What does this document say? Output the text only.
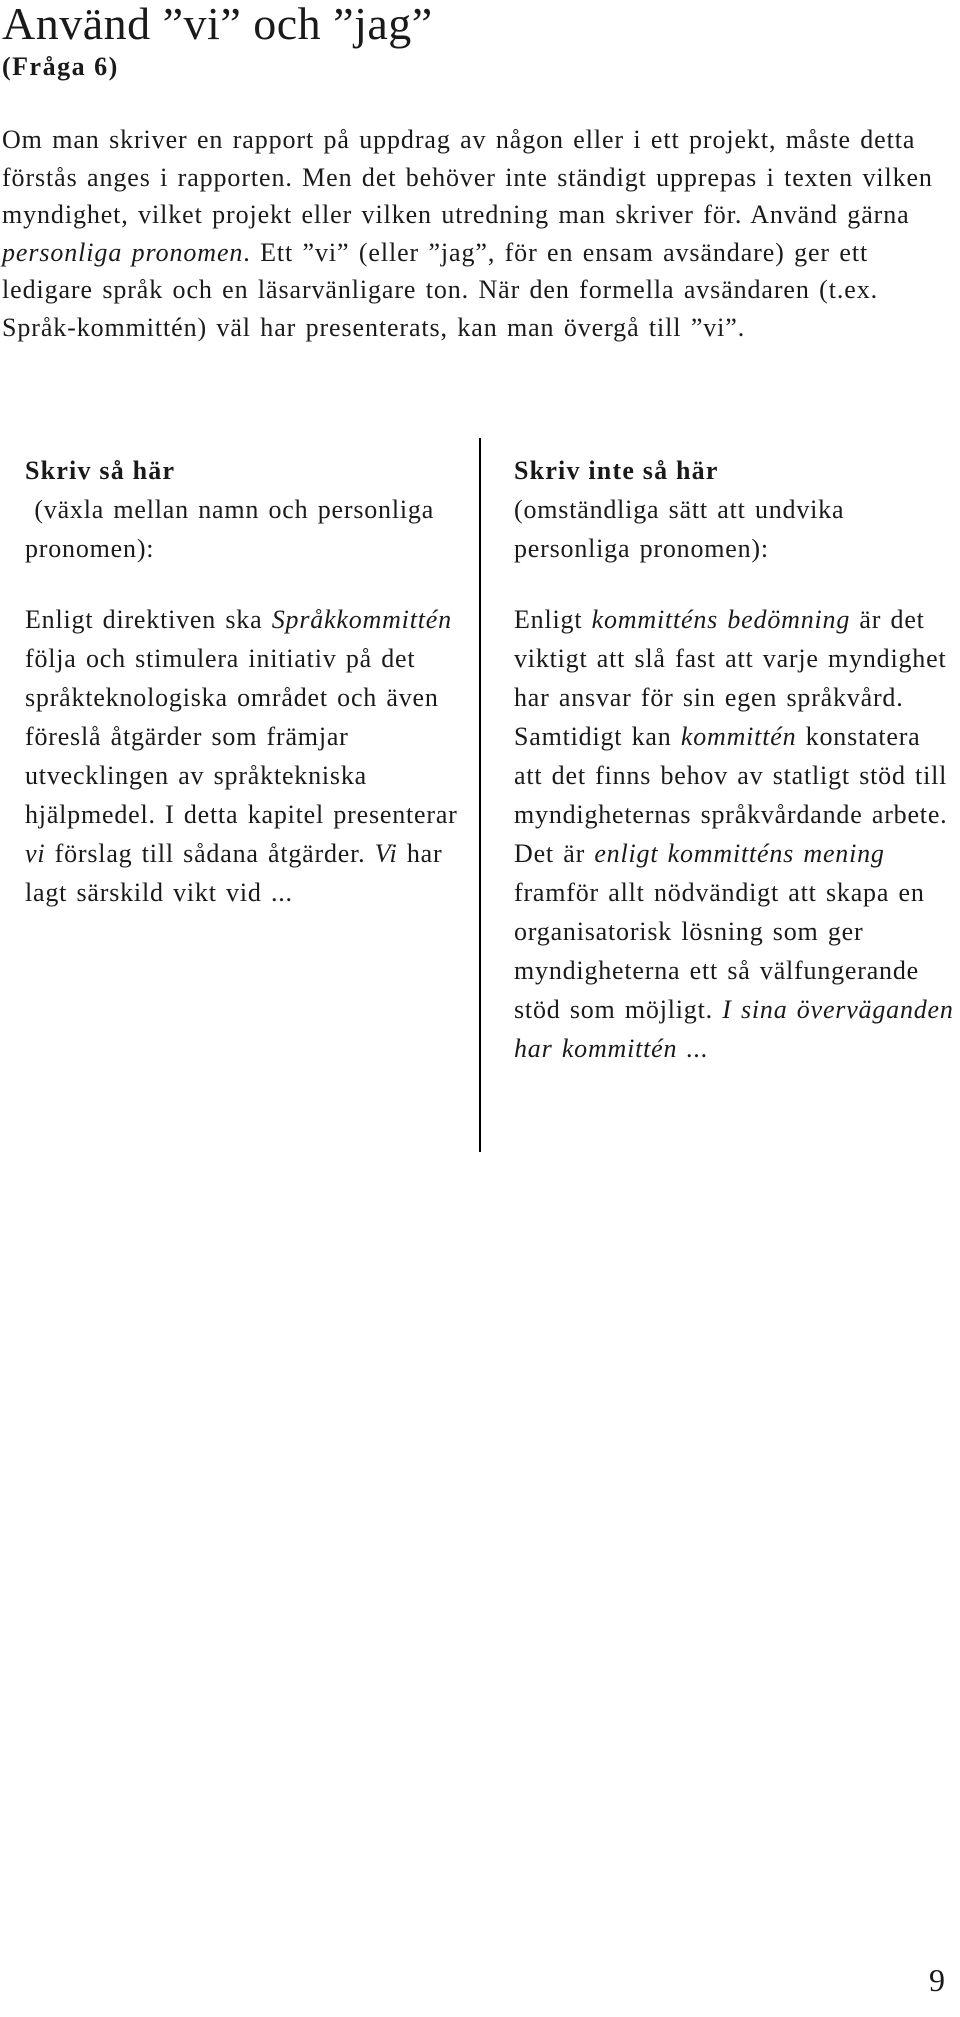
Använd ”vi” och ”jag”
(Fråga 6)

Om man skriver en rapport på uppdrag av någon eller i ett projekt, måste detta förstås anges i rapporten. Men det behöver inte ständigt upprepas i texten vilken myndighet, vilket projekt eller vilken utredning man skriver för. Använd gärna personliga pronomen. Ett ”vi” (eller ”jag”, för en ensam avsändare) ger ett ledigare språk och en läsarvänligare ton. När den formella avsändaren (t.ex. Språk-kommittén) väl har presenterats, kan man övergå till ”vi”.

Skriv så här
(växla mellan namn och personliga pronomen):
Enligt direktiven ska Språkkommittén följa och stimulera initiativ på det språkteknologiska området och även föreslå åtgärder som främjar utvecklingen av språktekniska hjälpmedel. I detta kapitel presenterar vi förslag till sådana åtgärder. Vi har lagt särskild vikt vid ...
Skriv inte så här
(omständliga sätt att undvika personliga pronomen):
Enligt kommitténs bedömning är det viktigt att slå fast att varje myndighet har ansvar för sin egen språkvård. Samtidigt kan kommittén konstatera att det finns behov av statligt stöd till myndigheternas språkvårdande arbete. Det är enligt kommitténs mening framför allt nödvändigt att skapa en organisatorisk lösning som ger myndigheterna ett så välfungerande stöd som möjligt. I sina överväganden har kommittén ...
9
